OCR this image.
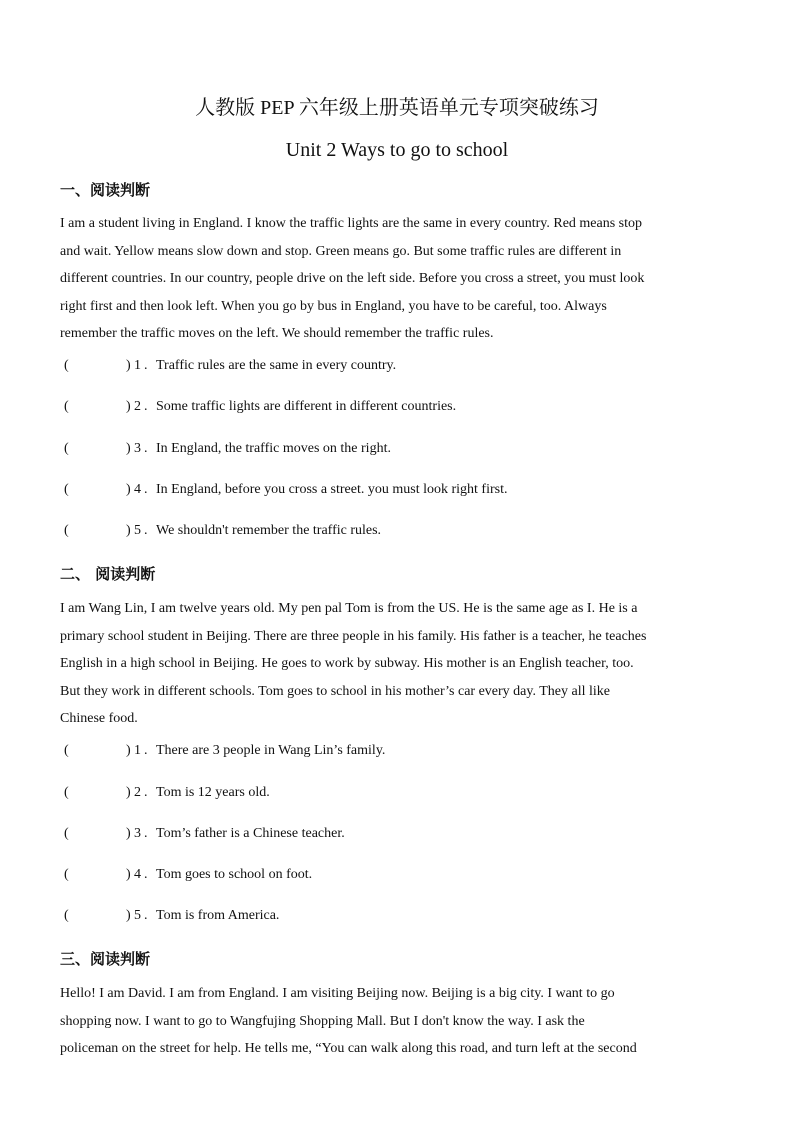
人教版 PEP 六年级上册英语单元专项突破练习
Unit 2 Ways to go to school
一、阅读判断
I am a student living in England. I know the traffic lights are the same in every country. Red means stop
and wait. Yellow means slow down and stop. Green means go. But some traffic rules are different in
different countries. In our country, people drive on the left side. Before you cross a street, you must look
right first and then look left. When you go by bus in England, you have to be careful, too. Always
remember the traffic moves on the left. We should remember the traffic rules.
(	) 1 . Traffic rules are the same in every country.
(	) 2 . Some traffic lights are different in different countries.
(	) 3 . In England, the traffic moves on the right.
(	) 4 . In England, before you cross a street. you must look right first.
(	) 5 . We shouldn't remember the traffic rules.
二、 阅读判断
I am Wang Lin, I am twelve years old. My pen pal Tom is from the US. He is the same age as I. He is a
primary school student in Beijing. There are three people in his family. His father is a teacher, he teaches
English in a high school in Beijing. He goes to work by subway. His mother is an English teacher, too.
But they work in different schools. Tom goes to school in his mother’s car every day. They all like
Chinese food.
(	) 1 . There are 3 people in Wang Lin’s family.
(	) 2 . Tom is 12 years old.
(	) 3 . Tom’s father is a Chinese teacher.
(	) 4 . Tom goes to school on foot.
(	) 5 . Tom is from America.
三、阅读判断
Hello! I am David. I am from England. I am visiting Beijing now. Beijing is a big city. I want to go
shopping now. I want to go to Wangfujing Shopping Mall. But I don't know the way. I ask the
policeman on the street for help. He tells me, “You can walk along this road, and turn left at the second
